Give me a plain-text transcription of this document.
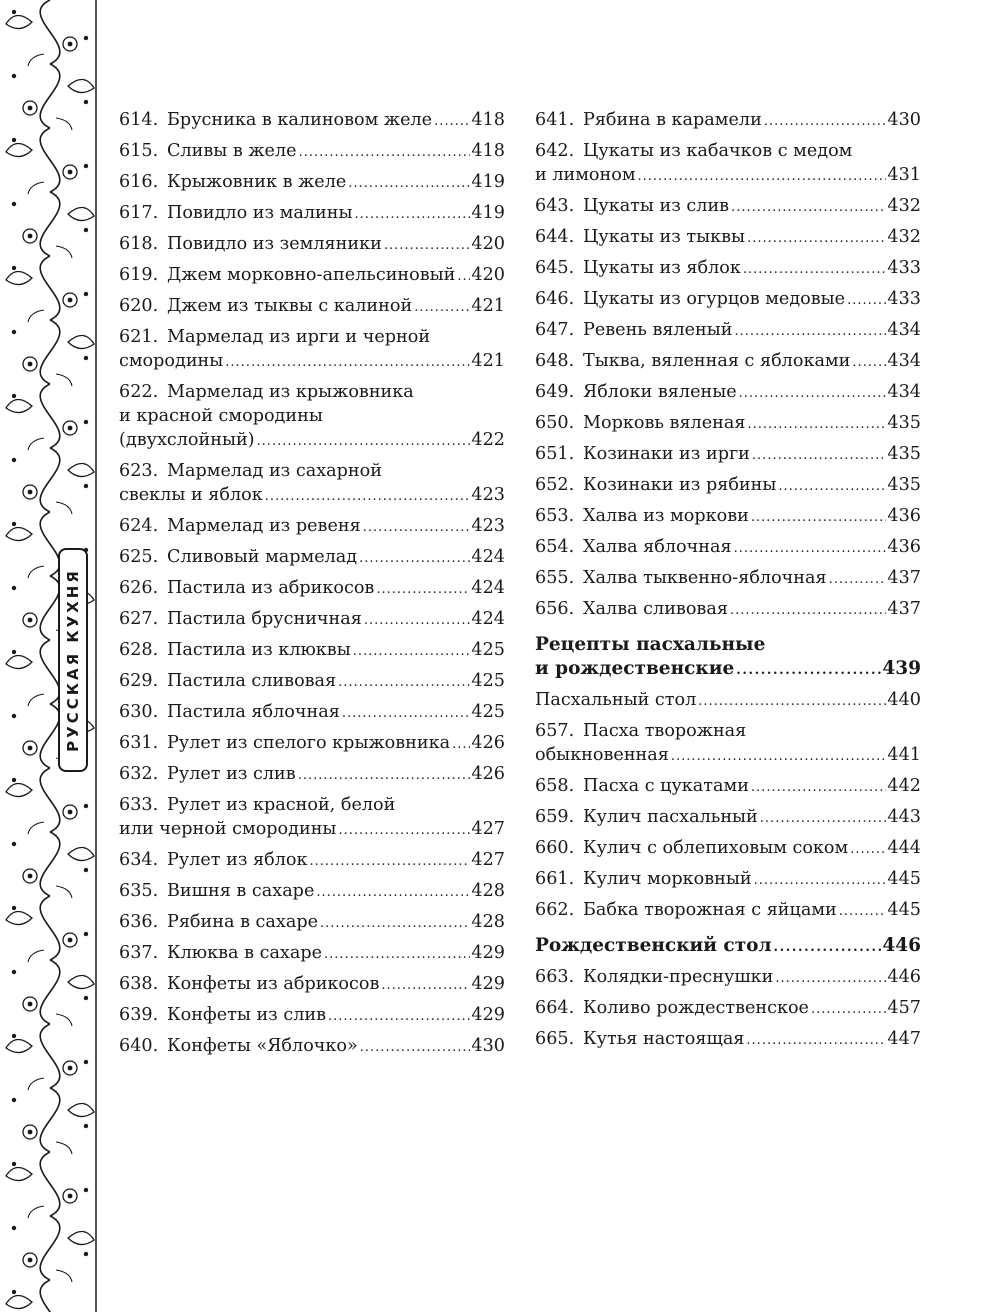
РУССКАЯ КУХНЯ
614. Брусника в калиновом желе ..... 418
615. Сливы в желе .....	418
616. Крыжовник в желе .....	419
617. Повидло из малины .....	419
618. Повидло из земляники .....	420
619. Джем морковно-апельсиновый ..... 420
620. Джем из тыквы с калиной .....	421
621. Мармелад из ирги и черной
смородины .....	421
622. Мармелад из крыжовника
и красной смородины
(двухслойный) .....	422
623. Мармелад из сахарной
свеклы и яблок .....	423
624. Мармелад из ревеня .....	423
625. Сливовый мармелад .....	424
626. Пастила из абрикосов .....	424
627. Пастила брусничная .....	424
628. Пастила из клюквы .....	425
629. Пастила сливовая .....	425
630. Пастила яблочная .....	425
631. Рулет из спелого крыжовника ..... 426
632. Рулет из слив .....	426
633. Рулет из красной, белой
или черной смородины .....	427
634. Рулет из яблок .....	427
635. Вишня в сахаре .....	428
636. Рябина в сахаре .....	428
637. Клюква в сахаре .....	429
638. Конфеты из абрикосов .....	429
639. Конфеты из слив .....	429
640. Конфеты «Яблочко» .....	430
641. Рябина в карамели .....	430
642. Цукаты из кабачков с медом
и лимоном .....	431
643. Цукаты из слив .....	432
644. Цукаты из тыквы .....	432
645. Цукаты из яблок .....	433
646. Цукаты из огурцов медовые ..... 433
647. Ревень вяленый .....	434
648. Тыква, вяленная с яблоками ..... 434
649. Яблоки вяленые .....	434
650. Морковь вяленая .....	435
651. Козинаки из ирги .....	435
652. Козинаки из рябины .....	435
653. Халва из моркови .....	436
654. Халва яблочная .....	436
655. Халва тыквенно-яблочная .....	437
656. Халва сливовая .....	437
Рецепты пасхальные
и рождественские .....	439
Пасхальный стол .....	440
657. Пасха творожная
обыкновенная .....	441
658. Пасха с цукатами .....	442
659. Кулич пасхальный .....	443
660. Кулич с облепиховым соком ..... 444
661. Кулич морковный .....	445
662. Бабка творожная с яйцами .....	445
Рождественский стол .....	446
663. Колядки-преснушки .....	446
664. Коливо рождественское .....	457
665. Кутья настоящая .....	447
